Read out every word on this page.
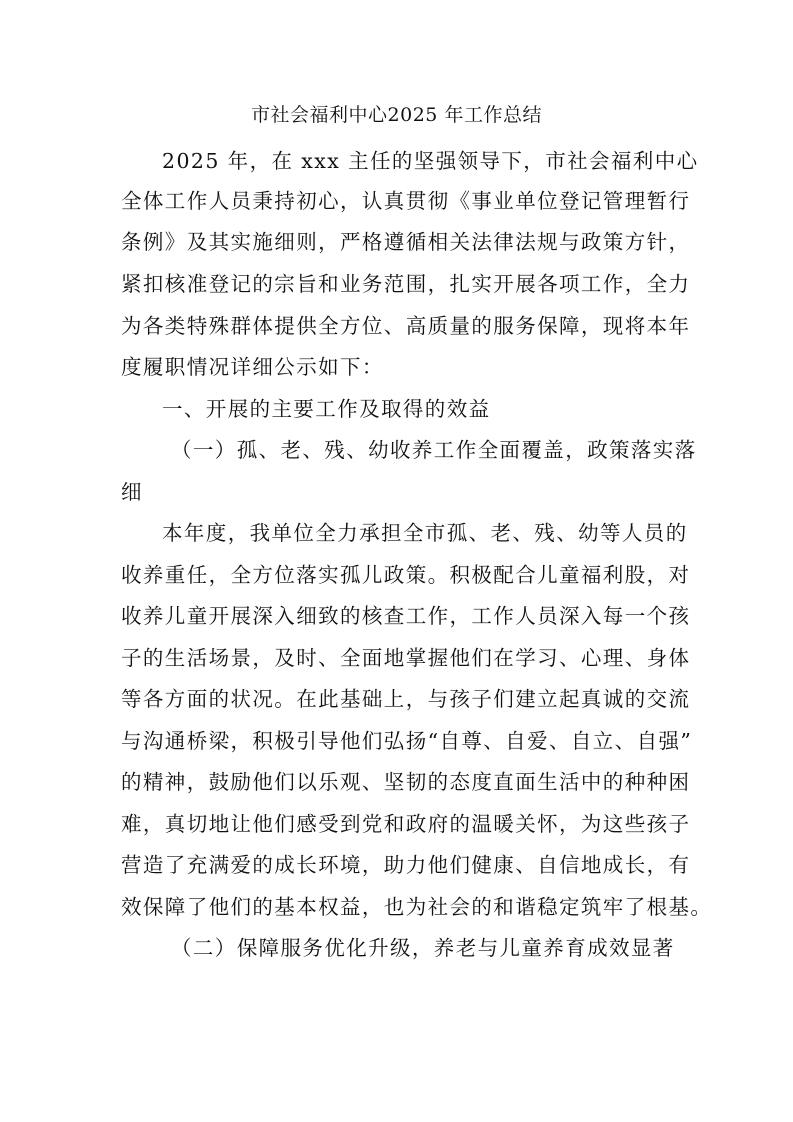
市社会福利中心2025 年工作总结
2025 年，在 xxx 主任的坚强领导下，市社会福利中心
全体工作人员秉持初心，认真贯彻《事业单位登记管理暂行
条例》及其实施细则，严格遵循相关法律法规与政策方针，
紧扣核准登记的宗旨和业务范围，扎实开展各项工作，全力
为各类特殊群体提供全方位、高质量的服务保障，现将本年
度履职情况详细公示如下：
一、开展的主要工作及取得的效益
（一）孤、老、残、幼收养工作全面覆盖，政策落实落
细
本年度，我单位全力承担全市孤、老、残、幼等人员的
收养重任，全方位落实孤儿政策。积极配合儿童福利股，对
收养儿童开展深入细致的核查工作，工作人员深入每一个孩
子的生活场景，及时、全面地掌握他们在学习、心理、身体
等各方面的状况。在此基础上，与孩子们建立起真诚的交流
与沟通桥梁，积极引导他们弘扬“自尊、自爱、自立、自强”
的精神，鼓励他们以乐观、坚韧的态度直面生活中的种种困
难，真切地让他们感受到党和政府的温暖关怀，为这些孩子
营造了充满爱的成长环境，助力他们健康、自信地成长，有
效保障了他们的基本权益，也为社会的和谐稳定筑牢了根基。
（二）保障服务优化升级，养老与儿童养育成效显著
